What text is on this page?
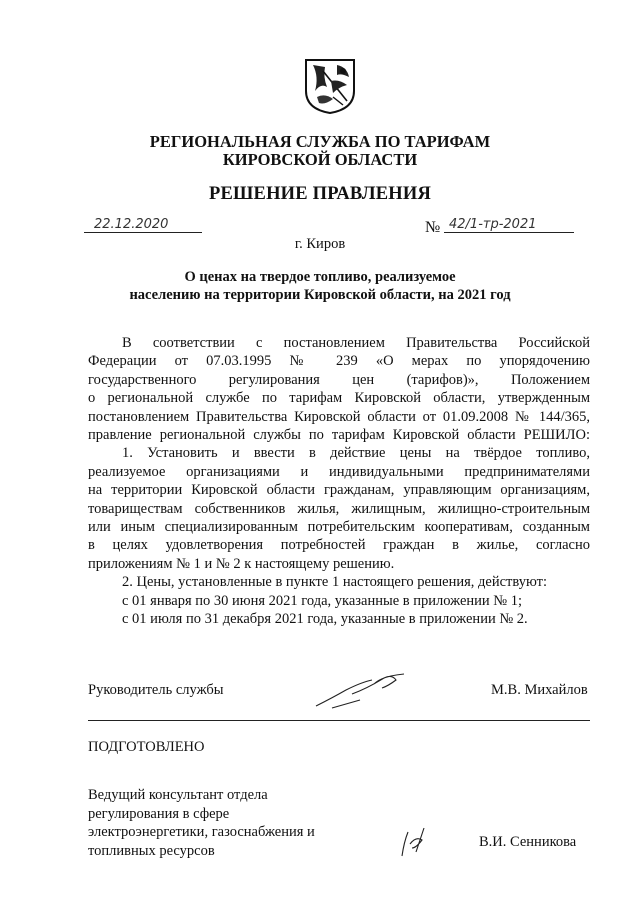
РЕГИОНАЛЬНАЯ СЛУЖБА ПО ТАРИФАМ
КИРОВСКОЙ ОБЛАСТИ
РЕШЕНИЕ ПРАВЛЕНИЯ
22.12.2020	№ 42/1-тр-2021
г. Киров
О ценах на твердое топливо, реализуемое
населению на территории Кировской области, на 2021 год

В соответствии с постановлением Правительства Российской

Федерации от 07.03.1995 № 239 «О мерах по упорядочению

государственного регулирования цен (тарифов)», Положением

о региональной службе по тарифам Кировской области, утвержденным

постановлением Правительства Кировской области от 01.09.2008 № 144/365,

правление региональной службы по тарифам Кировской области РЕШИЛО:

1. Установить и ввести в действие цены на твёрдое топливо,

реализуемое организациями и индивидуальными предпринимателями

на территории Кировской области гражданам, управляющим организациям,

товариществам собственников жилья, жилищным, жилищно-строительным

или иным специализированным потребительским кооперативам, созданным

в целях удовлетворения потребностей граждан в жилье, согласно

приложениям № 1 и № 2 к настоящему решению.

2. Цены, установленные в пункте 1 настоящего решения, действуют:

с 01 января по 30 июня 2021 года, указанные в приложении № 1;

с 01 июля по 31 декабря 2021 года, указанные в приложении № 2.

Руководитель службы	М.В. Михайлов
ПОДГОТОВЛЕНО
Ведущий консультант отдела
регулирования в сфере
электроэнергетики, газоснабжения и
топливных ресурсов
В.И. Сенникова
